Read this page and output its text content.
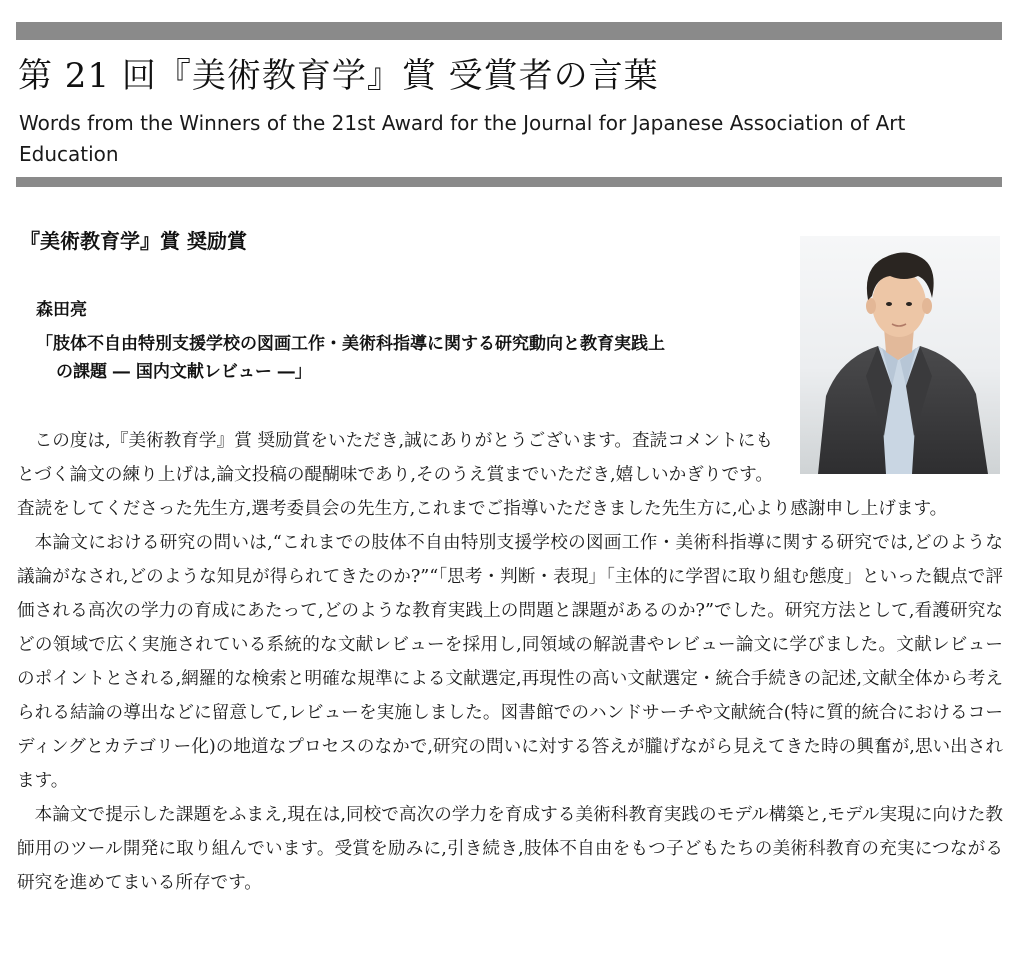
第 21 回『美術教育学』賞 受賞者の言葉
Words from the Winners of the 21st Award for the Journal for Japanese Association of Art Education
『美術教育学』賞 奨励賞
森田亮
「肢体不自由特別支援学校の図画工作・美術科指導に関する研究動向と教育実践上
の課題 ― 国内文献レビュー ―」

この度は,『美術教育学』賞 奨励賞をいただき,誠にありがとうございます。査読コメントにもとづく論文の練り上げは,論文投稿の醍醐味であり,そのうえ賞までいただき,嬉しいかぎりです。査読をしてくださった先生方,選考委員会の先生方,これまでご指導いただきました先生方に,心より感謝申し上げます。

本論文における研究の問いは,“これまでの肢体不自由特別支援学校の図画工作・美術科指導に関する研究では,どのような議論がなされ,どのような知見が得られてきたのか?”“「思考・判断・表現」「主体的に学習に取り組む態度」といった観点で評価される高次の学力の育成にあたって,どのような教育実践上の問題と課題があるのか?”でした。研究方法として,看護研究などの領域で広く実施されている系統的な文献レビューを採用し,同領域の解説書やレビュー論文に学びました。文献レビューのポイントとされる,網羅的な検索と明確な規準による文献選定,再現性の高い文献選定・統合手続きの記述,文献全体から考えられる結論の導出などに留意して,レビューを実施しました。図書館でのハンドサーチや文献統合(特に質的統合におけるコーディングとカテゴリー化)の地道なプロセスのなかで,研究の問いに対する答えが朧げながら見えてきた時の興奮が,思い出されます。

本論文で提示した課題をふまえ,現在は,同校で高次の学力を育成する美術科教育実践のモデル構築と,モデル実現に向けた教師用のツール開発に取り組んでいます。受賞を励みに,引き続き,肢体不自由をもつ子どもたちの美術科教育の充実につながる研究を進めてまいる所存です。
